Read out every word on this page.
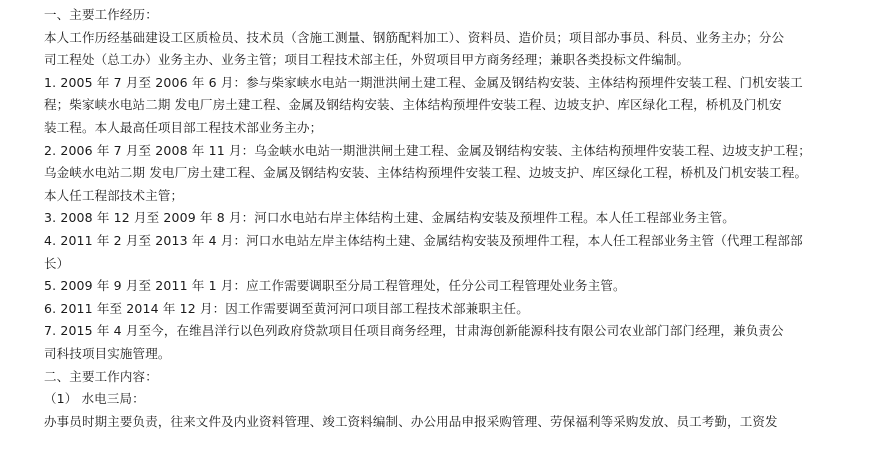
一、主要工作经历：
本人工作历经基础建设工区质检员、技术员（含施工测量、钢筋配料加工）、资料员、造价员；项目部办事员、科员、业务主办；分公
司工程处（总工办）业务主办、业务主管；项目工程技术部主任，外贸项目甲方商务经理；兼职各类投标文件编制。
1. 2005 年 7 月至 2006 年 6 月：参与柴家峡水电站一期泄洪闸土建工程、金属及钢结构安装、主体结构预埋件安装工程、门机安装工
程；柴家峡水电站二期 发电厂房土建工程、金属及钢结构安装、主体结构预埋件安装工程、边坡支护、库区绿化工程，桥机及门机安
装工程。本人最高任项目部工程技术部业务主办；
2. 2006 年 7 月至 2008 年 11 月：乌金峡水电站一期泄洪闸土建工程、金属及钢结构安装、主体结构预埋件安装工程、边坡支护工程；
乌金峡水电站二期 发电厂房土建工程、金属及钢结构安装、主体结构预埋件安装工程、边坡支护、库区绿化工程，桥机及门机安装工程。
本人任工程部技术主管；
3. 2008 年 12 月至 2009 年 8 月：河口水电站右岸主体结构土建、金属结构安装及预埋件工程。本人任工程部业务主管。
4. 2011 年 2 月至 2013 年 4 月：河口水电站左岸主体结构土建、金属结构安装及预埋件工程，本人任工程部业务主管（代理工程部部
长）
5. 2009 年 9 月至 2011 年 1 月：应工作需要调职至分局工程管理处，任分公司工程管理处业务主管。
6. 2011 年至 2014 年 12 月：因工作需要调至黄河河口项目部工程技术部兼职主任。
7. 2015 年 4 月至今，在维昌洋行以色列政府贷款项目任项目商务经理，甘肃海创新能源科技有限公司农业部门部门经理，兼负责公
司科技项目实施管理。
二、主要工作内容：
（1） 水电三局：
办事员时期主要负责，往来文件及内业资料管理、竣工资料编制、办公用品申报采购管理、劳保福利等采购发放、员工考勤，工资发
